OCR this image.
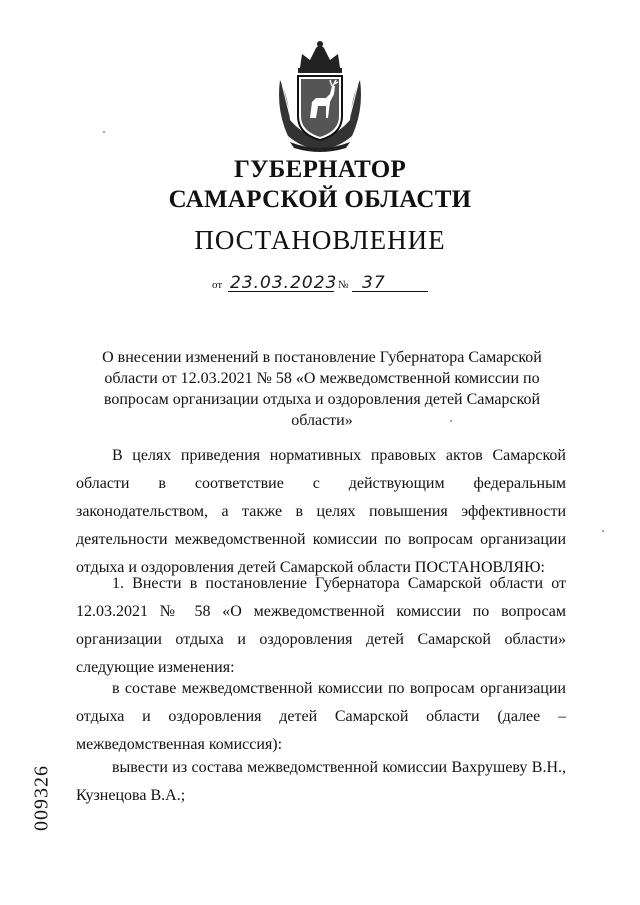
ГУБЕРНАТОР
САМАРСКОЙ ОБЛАСТИ
ПОСТАНОВЛЕНИЕ
от 23.03.2023 № 37
О внесении изменений в постановление Губернатора Самарской области от 12.03.2021 № 58 «О межведомственной комиссии по вопросам организации отдыха и оздоровления детей Самарской области»
В целях приведения нормативных правовых актов Самарской области в соответствие с действующим федеральным законодательством, а также в целях повышения эффективности деятельности межведомственной комиссии по вопросам организации отдыха и оздоровления детей Самарской области ПОСТАНОВЛЯЮ:
1. Внести в постановление Губернатора Самарской области от 12.03.2021 № 58 «О межведомственной комиссии по вопросам организации отдыха и оздоровления детей Самарской области» следующие изменения:
в составе межведомственной комиссии по вопросам организации отдыха и оздоровления детей Самарской области (далее – межведомственная комиссия):
вывести из состава межведомственной комиссии Вахрушеву В.Н., Кузнецова В.А.;
009326
